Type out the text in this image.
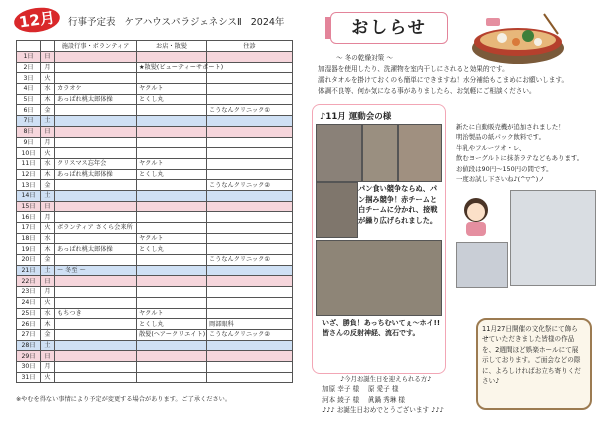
12月	行事予定表 ケアハウスパラジェネシスⅡ 2024年
		施設行事・ボランティア	お店・散髪	往診
1日	日			
2日	月		★散髪(ビューティーサポート)	
3日	火			
4日	水	カラオケ	ヤクルト	
5日	木	あっぱれ桃太郎体操	とくし丸	
6日	金			こうなんクリニック①
7日	土			
8日	日			
9日	月			
10日	火			
11日	水	クリスマス忘年会	ヤクルト	
12日	木	あっぱれ桃太郎体操	とくし丸	
13日	金			こうなんクリニック②
14日	土			
15日	日			
16日	月			
17日	火	ボランティア さくら会来所		
18日	水		ヤクルト	
19日	木	あっぱれ桃太郎体操	とくし丸	
20日	金			こうなんクリニック①
21日	土	～ 冬至 ～		
22日	日			
23日	月			
24日	火			
25日	水	もちつき	ヤクルト	
26日	木		とくし丸	岡部眼科
27日	金		散髪(ヘアークリエイト)	こうなんクリニック②
28日	土			
29日	日			
30日	月			
31日	火			
※やむを得ない事情により予定が変更する場合があります。ご了承ください。
おしらせ
～ 冬の乾燥対策 ～
加湿器を使用したり、洗濯物を室内干しにされると効果的です。
濡れタオルを掛けておくのも簡単にできますね！水分補給もこまめにお願いします。
体調不良等、何か気になる事がありましたら、お気軽にご相談ください。
♪11月 運動会の様
パン食い競争ならぬ、パン掴み競争！赤チームと白チームに分かれ、接戦が繰り広げられました。
いざ、勝負！あっちむいてぇ～ホイ!!皆さんの反射神経、流石です。
新たに自動販売機が追加されました！
明治製品の紙パック飲料です。
牛乳やフルーツオ・レ、
飲むヨーグルトに抹茶ラテなどもあります。
お値段は90円～150円の間です。
一度お試し下さいね♪(^▽^)ノ
♪今月お誕生日を迎えられる方♪
加原 幸子 様　 原 愛子 様
河本 綾子 様　 眞鍋 秀琳 様
♪♪♪ お誕生日おめでとうございます ♪♪♪
11月27日開催の文化祭にて飾らせていただきました皆様の作品を、2週間ほど娯楽ホールにて展示しております。ご面会などの際に、よろしければお立ち寄りください♪
